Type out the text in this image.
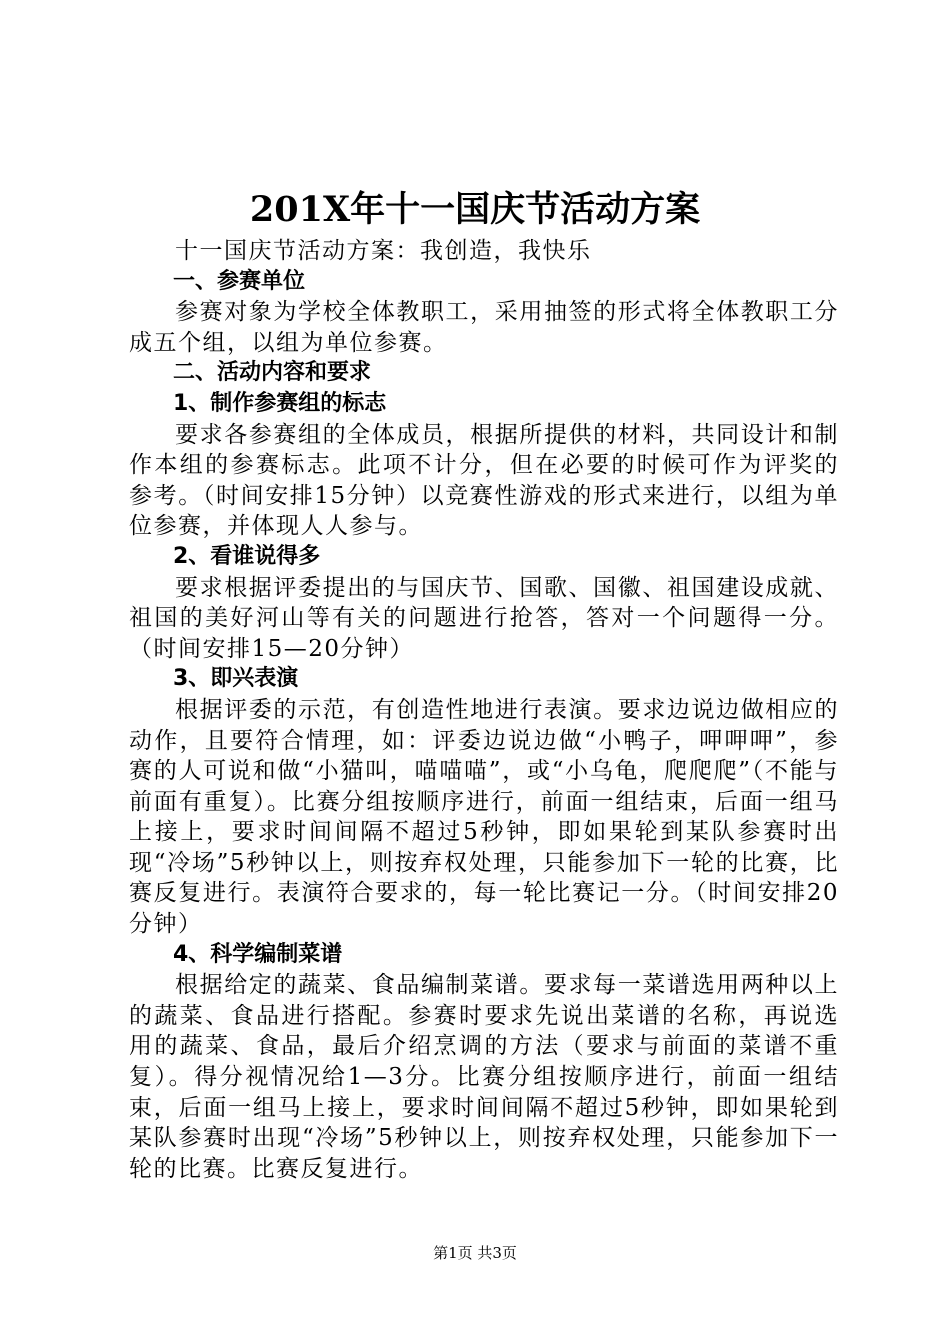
201X年十一国庆节活动方案

十一国庆节活动方案：我创造，我快乐

一、参赛单位

参赛对象为学校全体教职工，采用抽签的形式将全体教职工分成五个组，以组为单位参赛。

二、活动内容和要求
1、制作参赛组的标志

要求各参赛组的全体成员，根据所提供的材料，共同设计和制作本组的参赛标志。此项不计分，但在必要的时候可作为评奖的参考。（时间安排15分钟）以竞赛性游戏的形式来进行，以组为单位参赛，并体现人人参与。

2、看谁说得多

要求根据评委提出的与国庆节、国歌、国徽、祖国建设成就、祖国的美好河山等有关的问题进行抢答，答对一个问题得一分。（时间安排15—20分钟）

3、即兴表演

根据评委的示范，有创造性地进行表演。要求边说边做相应的动作，且要符合情理，如：评委边说边做“小鸭子，呷呷呷”，参赛的人可说和做“小猫叫，喵喵喵”，或“小乌龟，爬爬爬”（不能与前面有重复）。比赛分组按顺序进行，前面一组结束，后面一组马上接上，要求时间间隔不超过5秒钟，即如果轮到某队参赛时出现“冷场”5秒钟以上，则按弃权处理，只能参加下一轮的比赛，比赛反复进行。表演符合要求的，每一轮比赛记一分。（时间安排20分钟）

4、科学编制菜谱

根据给定的蔬菜、食品编制菜谱。要求每一菜谱选用两种以上的蔬菜、食品进行搭配。参赛时要求先说出菜谱的名称，再说选用的蔬菜、食品，最后介绍烹调的方法（要求与前面的菜谱不重复）。得分视情况给1—3分。比赛分组按顺序进行，前面一组结束，后面一组马上接上，要求时间间隔不超过5秒钟，即如果轮到某队参赛时出现“冷场”5秒钟以上，则按弃权处理，只能参加下一轮的比赛。比赛反复进行。

第1页 共3页
